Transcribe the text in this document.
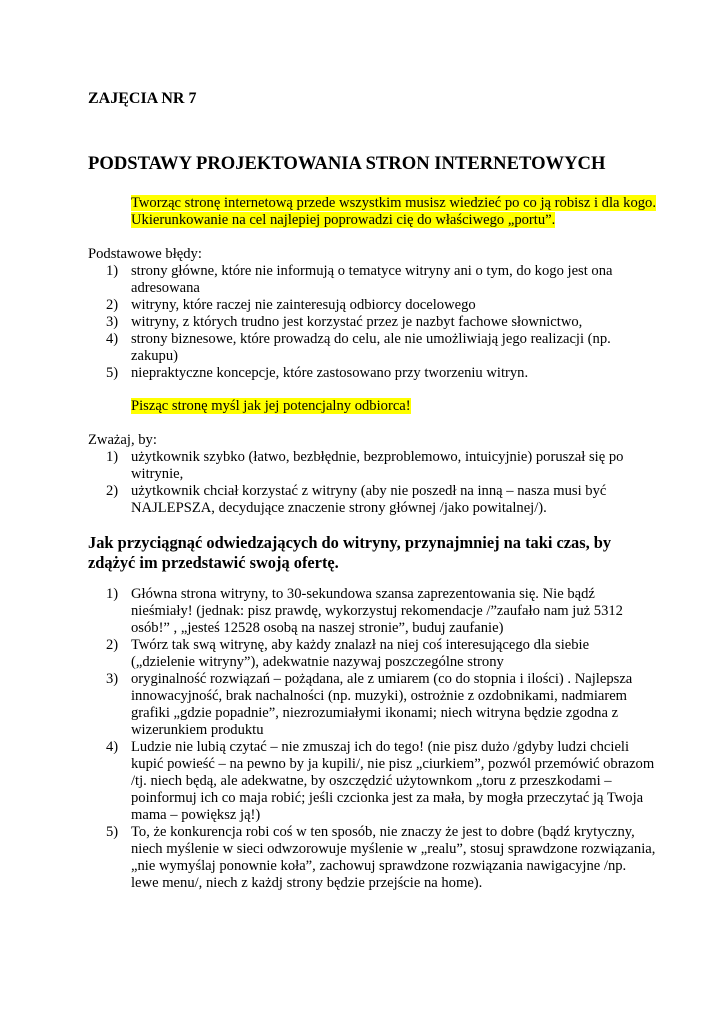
ZAJĘCIA NR 7
PODSTAWY PROJEKTOWANIA STRON INTERNETOWYCH
Tworząc stronę internetową przede wszystkim musisz wiedzieć po co ją robisz i dla kogo. Ukierunkowanie na cel najlepiej poprowadzi cię do właściwego „portu”.
Podstawowe błędy:
1) strony główne, które nie informują o tematyce witryny ani o tym, do kogo jest ona adresowana
2) witryny, które raczej nie zainteresują odbiorcy docelowego
3) witryny, z których trudno jest korzystać przez je nazbyt fachowe słownictwo,
4) strony biznesowe, które prowadzą do celu, ale nie umożliwiają jego realizacji (np. zakupu)
5) niepraktyczne koncepcje, które zastosowano przy tworzeniu witryn.
Pisząc stronę myśl jak jej potencjalny odbiorca!
Zważaj, by:
1) użytkownik szybko (łatwo, bezbłędnie, bezproblemowo, intuicyjnie) poruszał się po witrynie,
2) użytkownik chciał korzystać z witryny (aby nie poszedł na inną – nasza musi być NAJLEPSZA, decydujące znaczenie strony głównej /jako powitalnej/).
Jak przyciągnąć odwiedzających do witryny, przynajmniej na taki czas, by zdążyć im przedstawić swoją ofertę.
1) Główna strona witryny, to 30-sekundowa szansa zaprezentowania się. Nie bądź nieśmiały! (jednak: pisz prawdę, wykorzystuj rekomendacje /”zaufało nam już 5312 osób!” , „jesteś 12528 osobą na naszej stronie”, buduj zaufanie)
2) Twórz tak swą witrynę, aby każdy znalazł na niej coś interesującego dla siebie („dzielenie witryny”), adekwatnie nazywaj poszczególne strony
3) oryginalność rozwiązań – pożądana, ale z umiarem (co do stopnia i ilości) . Najlepsza innowacyjność, brak nachalności (np. muzyki), ostrożnie z ozdobnikami, nadmiarem grafiki „gdzie popadnie”, niezrozumiałymi ikonami; niech witryna będzie zgodna z wizerunkiem produktu
4) Ludzie nie lubią czytać – nie zmuszaj ich do tego! (nie pisz dużo /gdyby ludzi chcieli kupić powieść – na pewno by ja kupili/, nie pisz „ciurkiem”, pozwól przemówić obrazom /tj. niech będą, ale adekwatne, by oszczędzić użytownkom „toru z przeszkodami – poinformuj ich co maja robić; jeśli czcionka jest za mała, by mogła przeczytać ją Twoja mama – powiększ ją!)
5) To, że konkurencja robi coś w ten sposób, nie znaczy że jest to dobre (bądź krytyczny, niech myślenie w sieci odwzorowuje myślenie w „realu”, stosuj sprawdzone rozwiązania, „nie wymyślaj ponownie koła”, zachowuj sprawdzone rozwiązania nawigacyjne /np. lewe menu/, niech z każdj strony będzie przejście na home).
